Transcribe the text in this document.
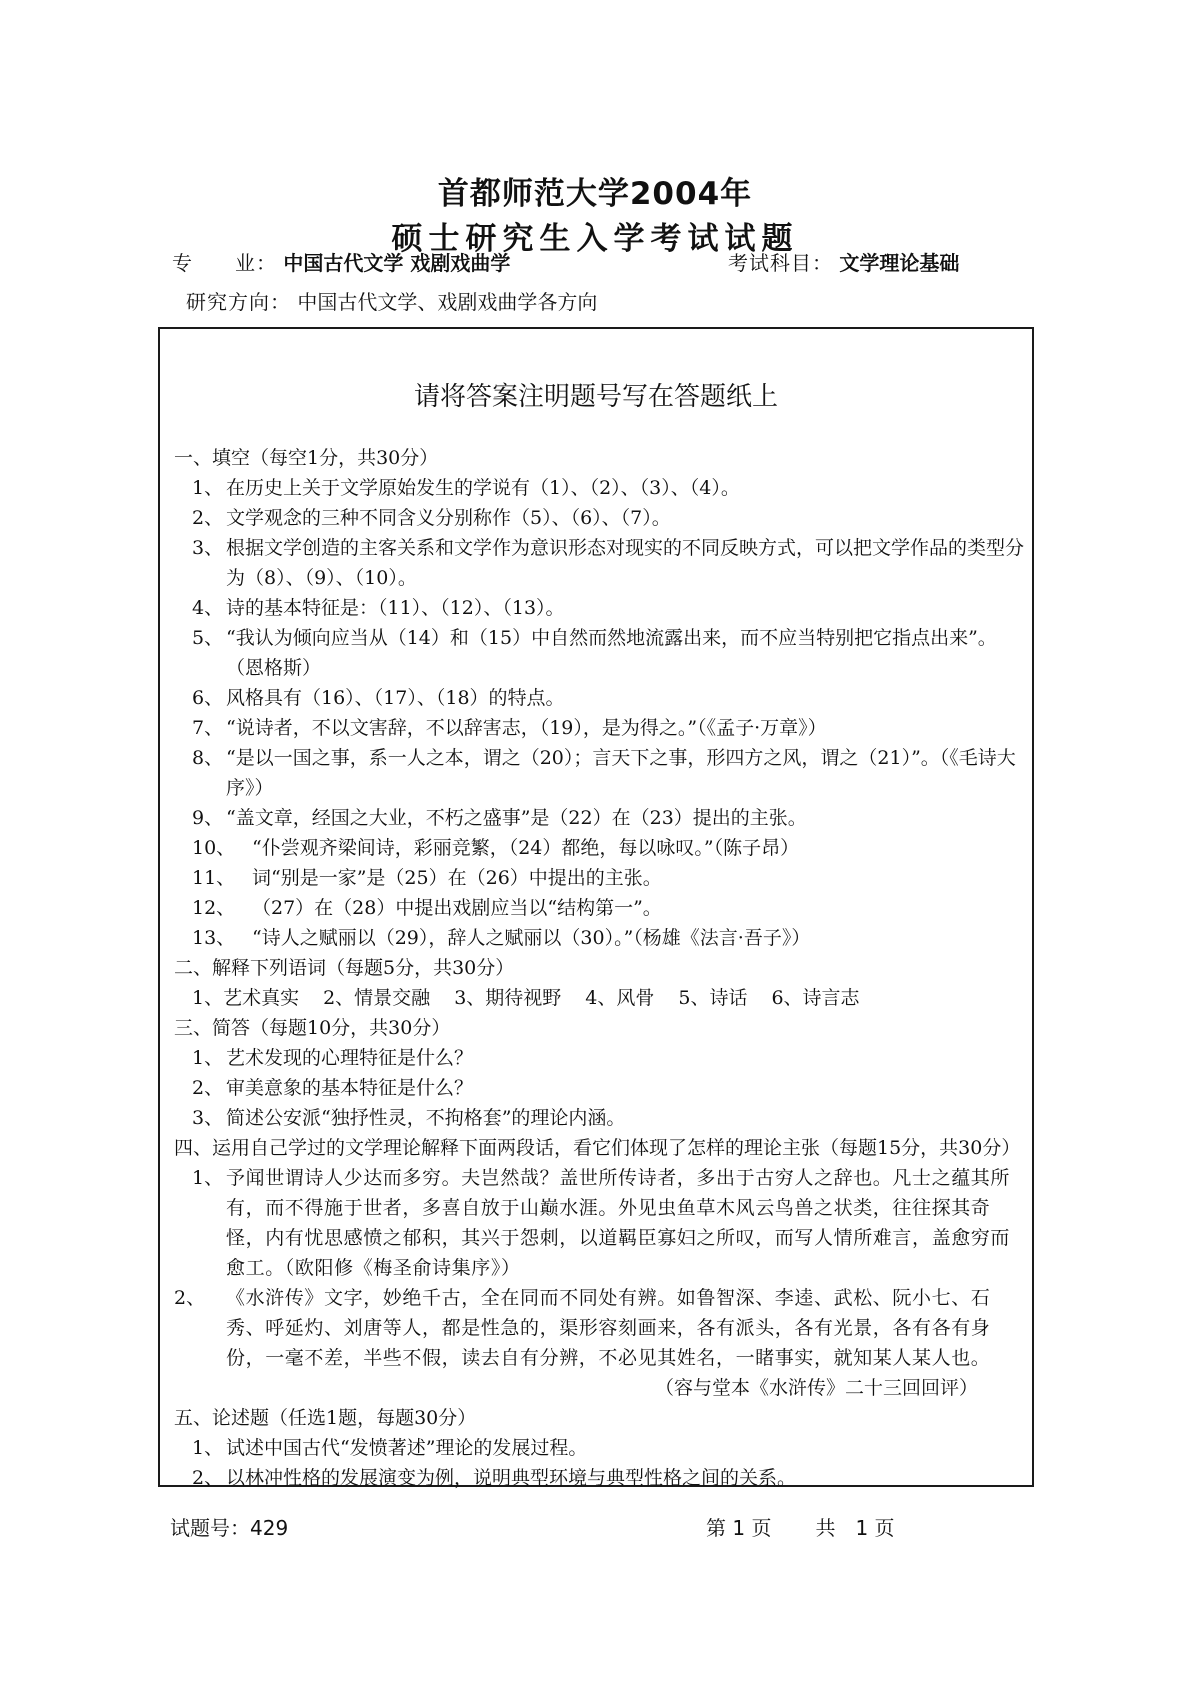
首都师范大学2004年
硕士研究生入学考试试题
专　　业： 中国古代文学 戏剧戏曲学	考试科目： 文学理论基础
研究方向： 中国古代文学、戏剧戏曲学各方向
请将答案注明题号写在答题纸上

一、填空（每空1分，共30分）

1、 在历史上关于文学原始发生的学说有（1）、（2）、（3）、（4）。
2、 文学观念的三种不同含义分别称作（5）、（6）、（7）。
3、 根据文学创造的主客关系和文学作为意识形态对现实的不同反映方式，可以把文学作品的类型分为（8）、（9）、（10）。
4、 诗的基本特征是：（11）、（12）、（13）。
5、 “我认为倾向应当从（14）和（15）中自然而然地流露出来，而不应当特别把它指点出来”。（恩格斯）
6、 风格具有（16）、（17）、（18）的特点。
7、 “说诗者，不以文害辞，不以辞害志，（19），是为得之。”（《孟子·万章》）
8、 “是以一国之事，系一人之本，谓之（20）；言天下之事，形四方之风，谓之（21）”。（《毛诗大序》）
9、 “盖文章，经国之大业，不朽之盛事”是（22）在（23）提出的主张。
10、 “仆尝观齐梁间诗，彩丽竞繁，（24）都绝，每以咏叹。”（陈子昂）
11、 词“别是一家”是（25）在（26）中提出的主张。
12、 （27）在（28）中提出戏剧应当以“结构第一”。
13、 “诗人之赋丽以（29），辞人之赋丽以（30）。”（杨雄《法言·吾子》）

二、解释下列语词（每题5分，共30分）

1、艺术真实 2、情景交融 3、期待视野 4、风骨 5、诗话 6、诗言志

三、简答（每题10分，共30分）

1、 艺术发现的心理特征是什么？
2、 审美意象的基本特征是什么？
3、 简述公安派“独抒性灵，不拘格套”的理论内涵。

四、运用自己学过的文学理论解释下面两段话，看它们体现了怎样的理论主张（每题15分，共30分）

1、 予闻世谓诗人少达而多穷。夫岂然哉？盖世所传诗者，多出于古穷人之辞也。凡士之蕴其所有，而不得施于世者，多喜自放于山巅水涯。外见虫鱼草木风云鸟兽之状类，往往探其奇怪，内有忧思感愤之郁积，其兴于怨刺，以道羁臣寡妇之所叹，而写人情所难言，盖愈穷而愈工。（欧阳修《梅圣俞诗集序》）
2、	《水浒传》文字，妙绝千古，全在同而不同处有辨。如鲁智深、李逵、武松、阮小七、石秀、呼延灼、刘唐等人，都是性急的，渠形容刻画来，各有派头，各有光景，各有各有身份，一毫不差，半些不假，读去自有分辨，不必见其姓名，一睹事实，就知某人某人也。
（容与堂本《水浒传》二十三回回评）

五、论述题（任选1题，每题30分）

1、 试述中国古代“发愤著述”理论的发展过程。
2、 以林冲性格的发展演变为例，说明典型环境与典型性格之间的关系。
试题号：429	第 1 页 共　1 页
